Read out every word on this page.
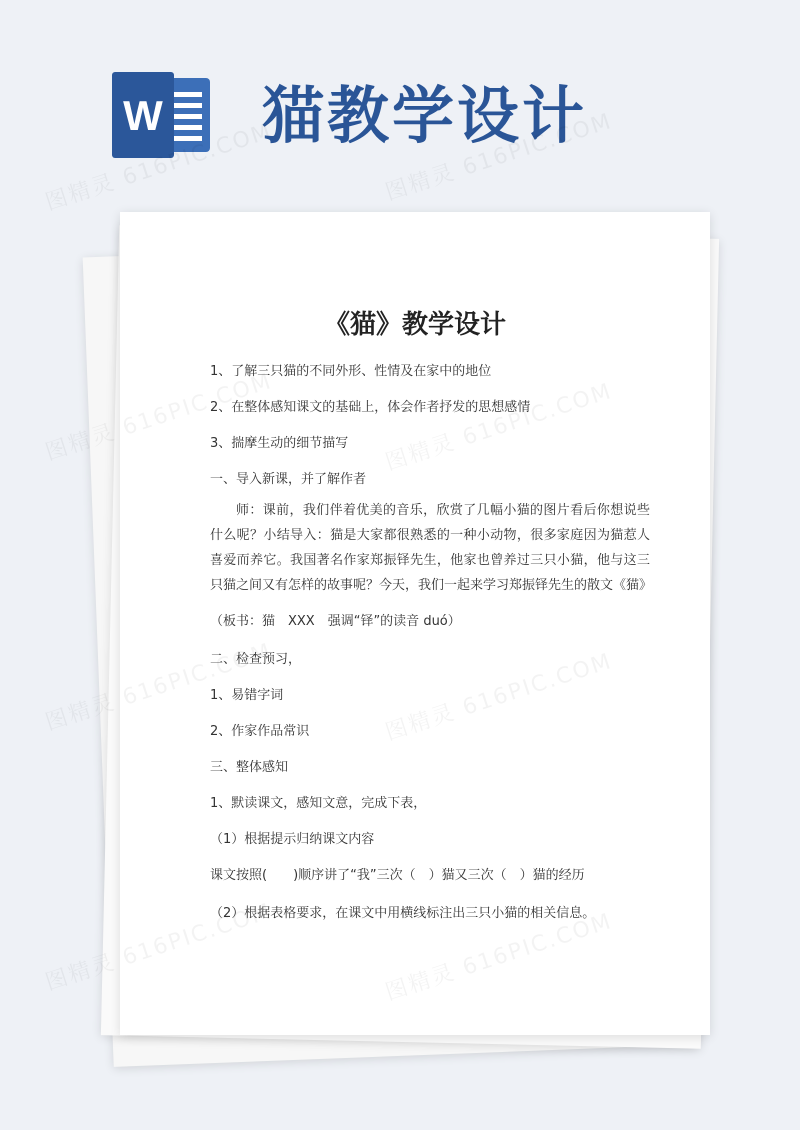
W 猫教学设计
《猫》教学设计
1、了解三只猫的不同外形、性情及在家中的地位
2、在整体感知课文的基础上，体会作者抒发的思想感情
3、揣摩生动的细节描写
一、导入新课，并了解作者
师：课前，我们伴着优美的音乐，欣赏了几幅小猫的图片看后你想说些什么呢？小结导入：猫是大家都很熟悉的一种小动物，很多家庭因为猫惹人喜爱而养它。我国著名作家郑振铎先生，他家也曾养过三只小猫，他与这三只猫之间又有怎样的故事呢？今天，我们一起来学习郑振铎先生的散文《猫》
（板书：猫　XXX　强调“铎”的读音 duó）
二、检查预习，
1、易错字词
2、作家作品常识
三、整体感知
1、默读课文，感知文意，完成下表，
（1）根据提示归纳课文内容
课文按照(　　)顺序讲了“我”三次（　）猫又三次（　）猫的经历
（2）根据表格要求，在课文中用横线标注出三只小猫的相关信息。
